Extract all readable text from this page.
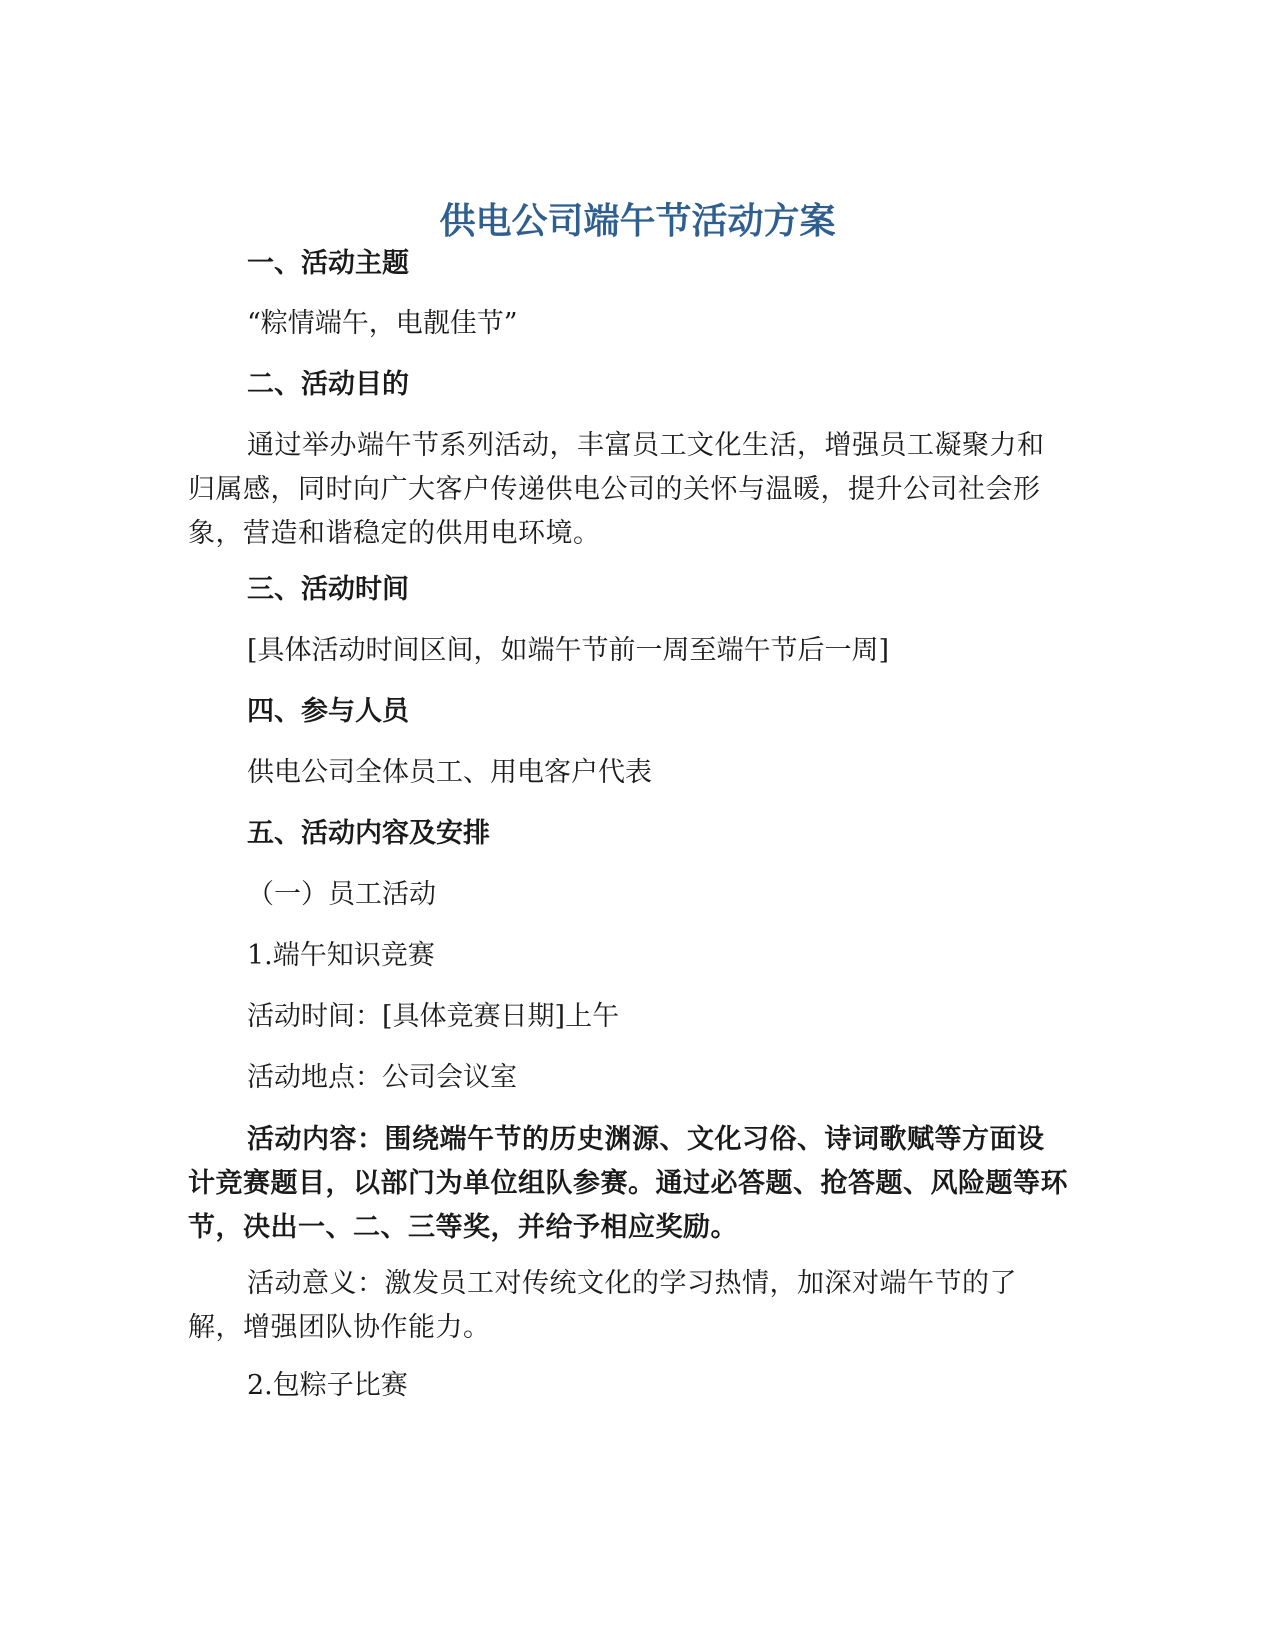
供电公司端午节活动方案
一、活动主题
“粽情端午，电靓佳节”
二、活动目的
通过举办端午节系列活动，丰富员工文化生活，增强员工凝聚力和归属感，同时向广大客户传递供电公司的关怀与温暖，提升公司社会形象，营造和谐稳定的供用电环境。
三、活动时间
[具体活动时间区间，如端午节前一周至端午节后一周]
四、参与人员
供电公司全体员工、用电客户代表
五、活动内容及安排
（一）员工活动
1.端午知识竞赛
活动时间：[具体竞赛日期]上午
活动地点：公司会议室
活动内容：围绕端午节的历史渊源、文化习俗、诗词歌赋等方面设计竞赛题目，以部门为单位组队参赛。通过必答题、抢答题、风险题等环节，决出一、二、三等奖，并给予相应奖励。
活动意义：激发员工对传统文化的学习热情，加深对端午节的了解，增强团队协作能力。
2.包粽子比赛
